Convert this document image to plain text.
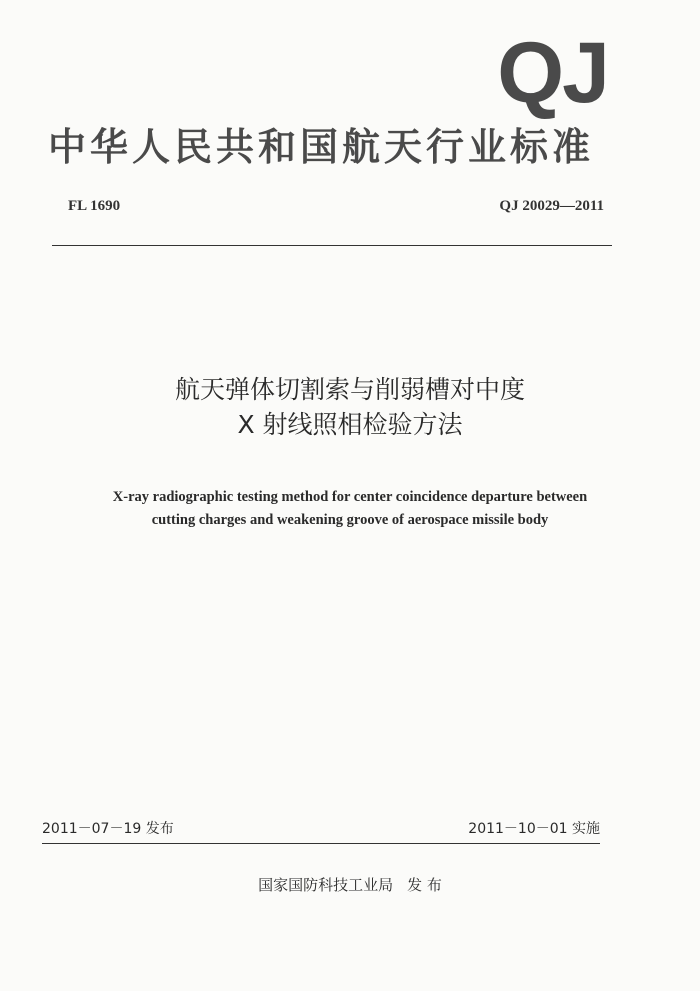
QJ
中华人民共和国航天行业标准
FL 1690	QJ 20029—2011
航天弹体切割索与削弱槽对中度
X 射线照相检验方法
X-ray radiographic testing method for center coincidence departure between
cutting charges and weakening groove of aerospace missile body
2011－07－19 发布	2011－10－01 实施
国家国防科技工业局 发 布
